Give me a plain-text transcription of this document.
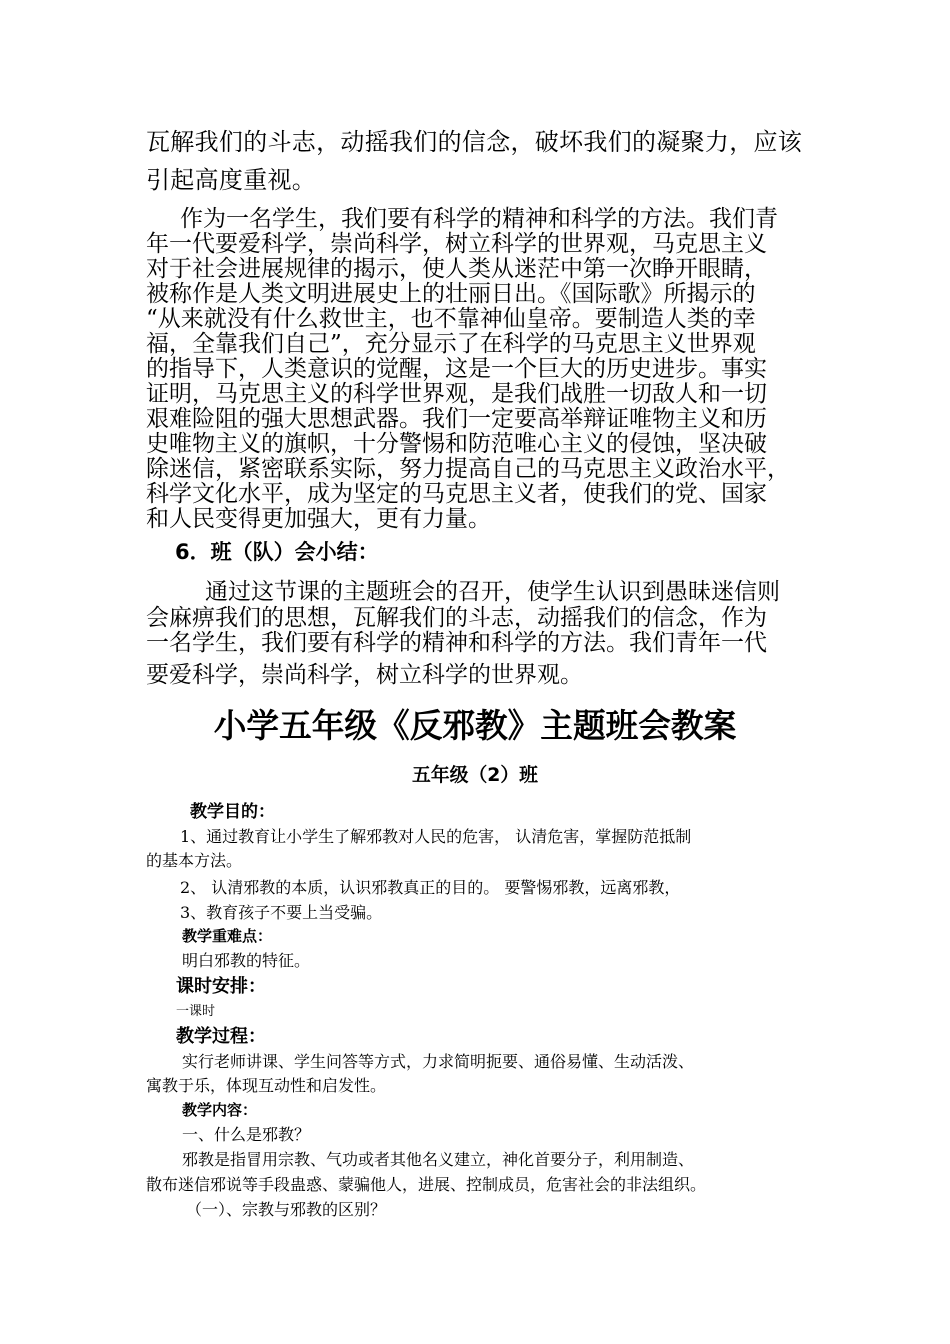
瓦解我们的斗志，动摇我们的信念，破坏我们的凝聚力，应该
引起高度重视。
作为一名学生，我们要有科学的精神和科学的方法。我们青
年一代要爱科学，崇尚科学，树立科学的世界观，马克思主义
对于社会进展规律的揭示，使人类从迷茫中第一次睁开眼睛，
被称作是人类文明进展史上的壮丽日出。《国际歌》所揭示的
“从来就没有什么救世主，也不靠神仙皇帝。要制造人类的幸
福，全靠我们自己”，充分显示了在科学的马克思主义世界观
的指导下，人类意识的觉醒，这是一个巨大的历史进步。事实
证明，马克思主义的科学世界观，是我们战胜一切敌人和一切
艰难险阻的强大思想武器。我们一定要高举辩证唯物主义和历
史唯物主义的旗帜，十分警惕和防范唯心主义的侵蚀，坚决破
除迷信，紧密联系实际，努力提高自己的马克思主义政治水平，
科学文化水平，成为坚定的马克思主义者，使我们的党、国家
和人民变得更加强大，更有力量。
6．班（队）会小结：
通过这节课的主题班会的召开，使学生认识到愚昧迷信则
会麻痹我们的思想，瓦解我们的斗志，动摇我们的信念，作为
一名学生，我们要有科学的精神和科学的方法。我们青年一代
要爱科学，崇尚科学，树立科学的世界观。
小学五年级《反邪教》主题班会教案
五年级（2）班
教学目的：
1、通过教育让小学生了解邪教对人民的危害， 认清危害，掌握防范抵制
的基本方法。
2、 认清邪教的本质，认识邪教真正的目的。 要警惕邪教，远离邪教，
3、教育孩子不要上当受骗。
教学重难点：
明白邪教的特征。
课时安排：
一课时
教学过程：
实行老师讲课、学生问答等方式，力求简明扼要、通俗易懂、生动活泼、
寓教于乐，体现互动性和启发性。
教学内容：
一、什么是邪教？
邪教是指冒用宗教、气功或者其他名义建立，神化首要分子，利用制造、
散布迷信邪说等手段蛊惑、蒙骗他人，进展、控制成员，危害社会的非法组织。
（一）、宗教与邪教的区别？
